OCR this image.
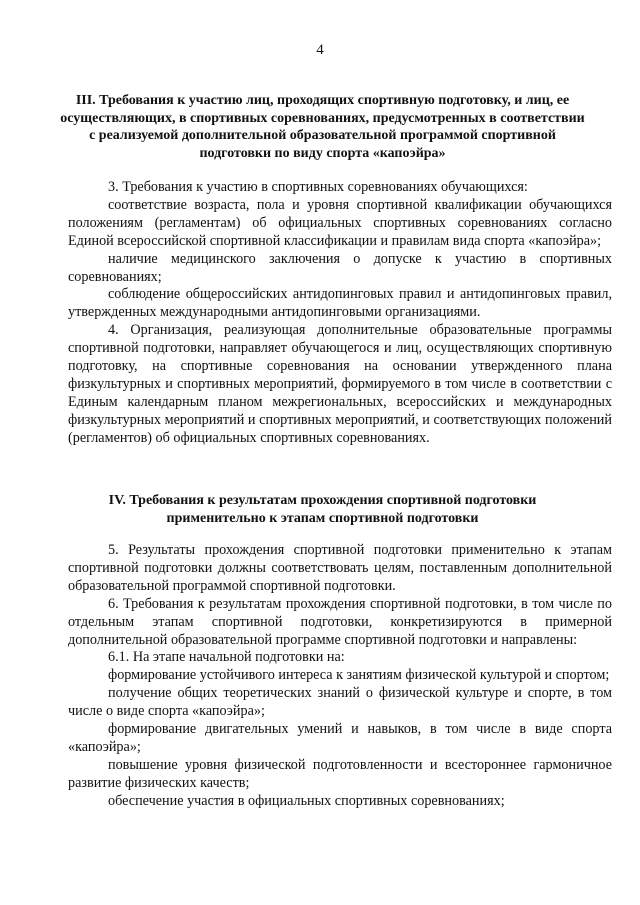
4
III. Требования к участию лиц, проходящих спортивную подготовку, и лиц, ее осуществляющих, в спортивных соревнованиях, предусмотренных в соответствии с реализуемой дополнительной образовательной программой спортивной подготовки по виду спорта «капоэйра»

3. Требования к участию в спортивных соревнованиях обучающихся:

соответствие возраста, пола и уровня спортивной квалификации обучающихся положениям (регламентам) об официальных спортивных соревнованиях согласно Единой всероссийской спортивной классификации и правилам вида спорта «капоэйра»;

наличие медицинского заключения о допуске к участию в спортивных соревнованиях;

соблюдение общероссийских антидопинговых правил и антидопинговых правил, утвержденных международными антидопинговыми организациями.

4. Организация, реализующая дополнительные образовательные программы спортивной подготовки, направляет обучающегося и лиц, осуществляющих спортивную подготовку, на спортивные соревнования на основании утвержденного плана физкультурных и спортивных мероприятий, формируемого в том числе в соответствии с Единым календарным планом межрегиональных, всероссийских и международных физкультурных мероприятий и спортивных мероприятий, и соответствующих положений (регламентов) об официальных спортивных соревнованиях.

IV. Требования к результатам прохождения спортивной подготовки применительно к этапам спортивной подготовки

5. Результаты прохождения спортивной подготовки применительно к этапам спортивной подготовки должны соответствовать целям, поставленным дополнительной образовательной программой спортивной подготовки.

6. Требования к результатам прохождения спортивной подготовки, в том числе по отдельным этапам спортивной подготовки, конкретизируются в примерной дополнительной образовательной программе спортивной подготовки и направлены:

6.1. На этапе начальной подготовки на:

формирование устойчивого интереса к занятиям физической культурой и спортом;

получение общих теоретических знаний о физической культуре и спорте, в том числе о виде спорта «капоэйра»;

формирование двигательных умений и навыков, в том числе в виде спорта «капоэйра»;

повышение уровня физической подготовленности и всестороннее гармоничное развитие физических качеств;

обеспечение участия в официальных спортивных соревнованиях;
